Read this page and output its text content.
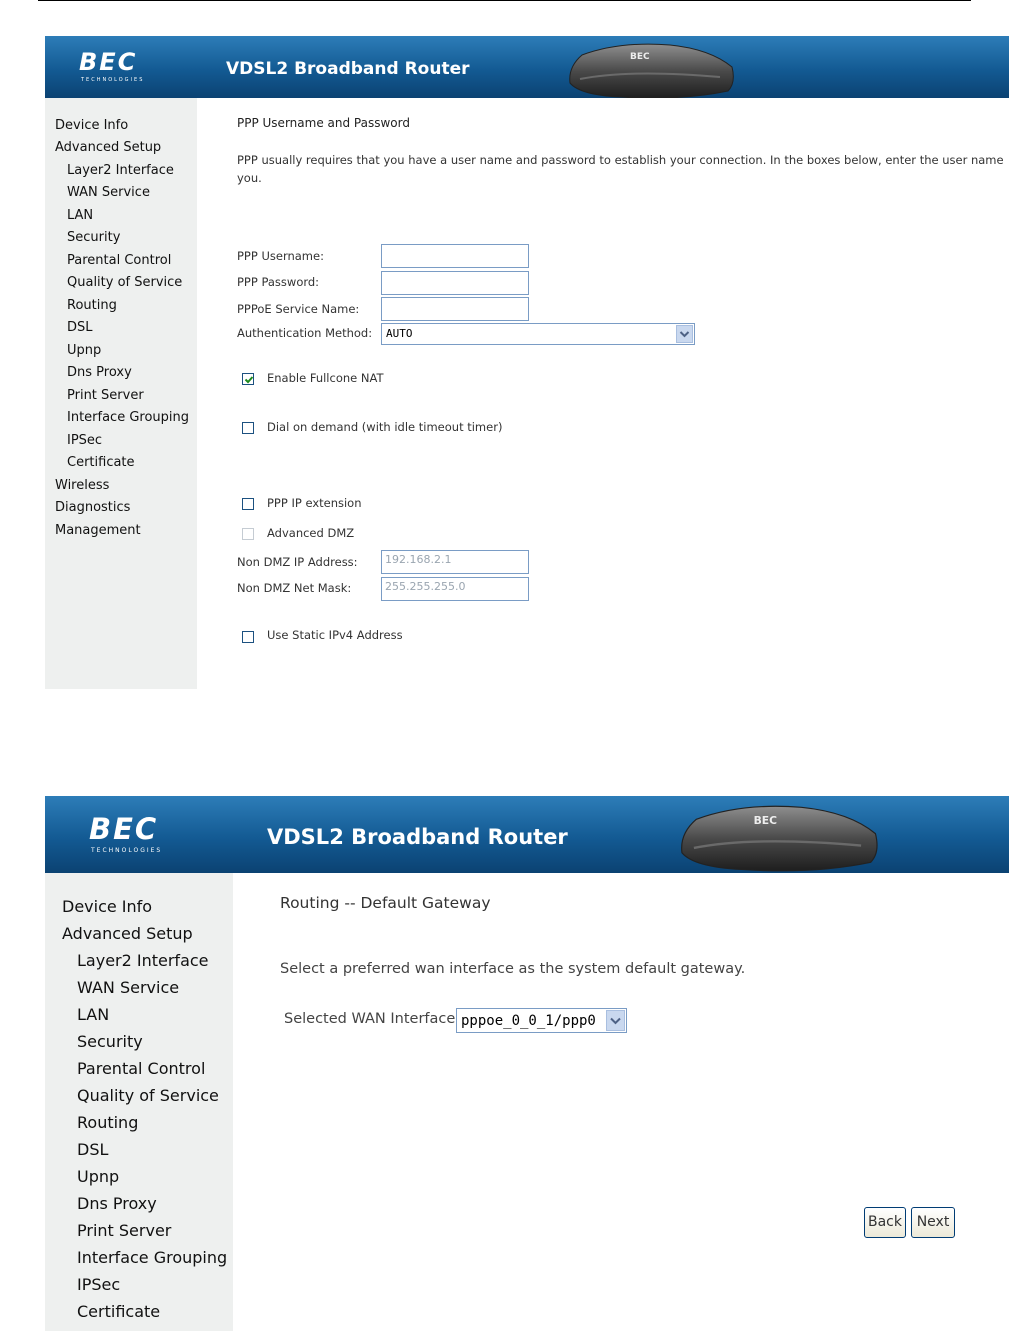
BEC
TECHNOLOGIES
VDSL2 Broadband Router
BEC
Device Info
Advanced Setup
Layer2 Interface
WAN Service
LAN
Security
Parental Control
Quality of Service
Routing
DSL
Upnp
Dns Proxy
Print Server
Interface Grouping
IPSec
Certificate
Wireless
Diagnostics
Management
PPP Username and Password
PPP usually requires that you have a user name and password to establish your connection. In the boxes below, enter the user name
you.
PPP Username:
PPP Password:
PPPoE Service Name:
Authentication Method: AUTO
Enable Fullcone NAT
Dial on demand (with idle timeout timer)
PPP IP extension
Advanced DMZ
Non DMZ IP Address: 192.168.2.1
Non DMZ Net Mask:	255.255.255.0
Use Static IPv4 Address
BEC
TECHNOLOGIES
VDSL2 Broadband Router
BEC
Device Info
Advanced Setup
Layer2 Interface
WAN Service
LAN
Security
Parental Control
Quality of Service
Routing
DSL
Upnp
Dns Proxy
Print Server
Interface Grouping
IPSec
Certificate
Routing -- Default Gateway
Select a preferred wan interface as the system default gateway.
Selected WAN Interface pppoe_0_0_1/ppp0
Back	Next
